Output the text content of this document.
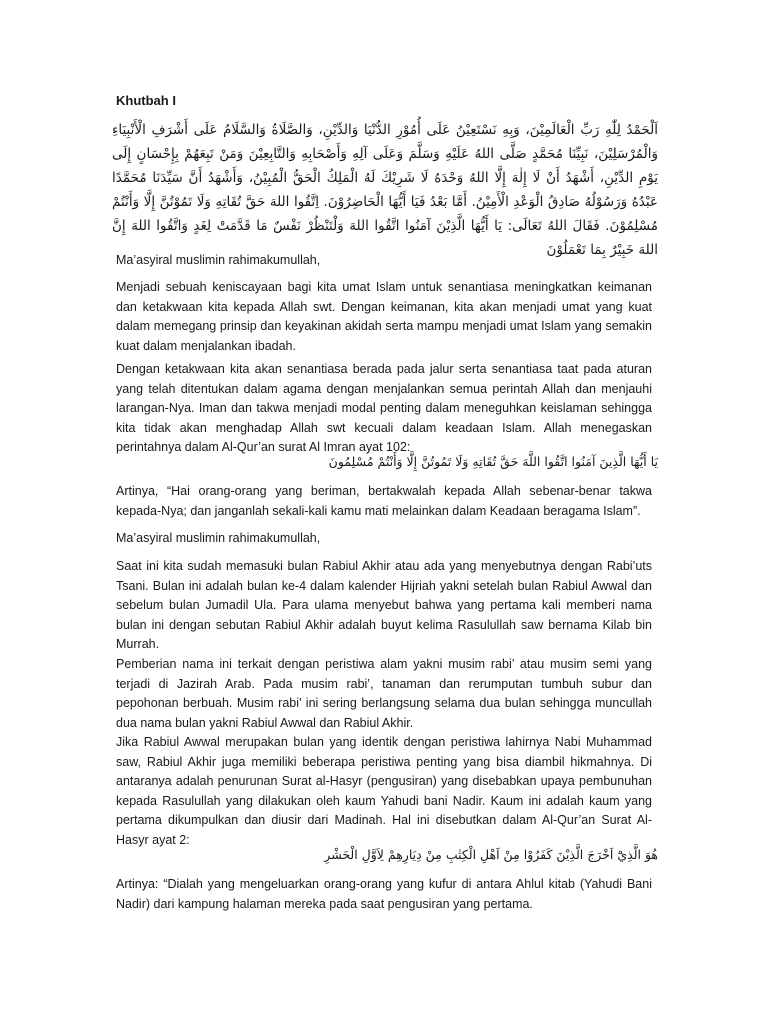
Khutbah I

اَلْحَمْدُ لِلّٰهِ رَبِّ الْعَالَمِيْنَ، وَبِهِ نَسْتَعِيْنُ عَلَى أُمُوْرِ الدُّنْيَا وَالدِّيْنِ، وَالصَّلَاةُ وَالسَّلَامُ عَلَى أَشْرَفِ الْأَنْبِيَاءِ وَالْمُرْسَلِيْنَ، نَبِيِّنَا مُحَمَّدٍ صَلَّى اللهُ عَلَيْهِ وَسَلَّمَ وَعَلَى آلِهِ وَأَصْحَابِهِ وَالتَّابِعِيْنَ وَمَنْ تَبِعَهُمْ بِإِحْسَانٍ إِلَى يَوْمِ الدِّيْنِ، أَشْهَدُ أَنْ لَا إِلٰهَ إِلَّا اللهُ وَحْدَهُ لَا شَرِيْكَ لَهُ الْمَلِكُ الْحَقُّ الْمُبِيْنُ، وَأَشْهَدُ أَنَّ سَيِّدَنَا مُحَمَّدًا عَبْدُهُ وَرَسُوْلُهُ صَادِقُ الْوَعْدِ الْأَمِيْنُ. أَمَّا بَعْدُ فَيَا أَيُّهَا الْحَاضِرُوْنَ. اِتَّقُوا اللهَ حَقَّ تُقَاتِهِ وَلَا تَمُوْتُنَّ إِلَّا وَأَنْتُمْ مُسْلِمُوْنَ. فَقَالَ اللهُ تَعَالَى: يَا أَيُّهَا الَّذِيْنَ آمَنُوا اتَّقُوا اللهَ وَلْتَنْظُرْ نَفْسٌ مَا قَدَّمَتْ لِغَدٍ وَاتَّقُوا اللهَ إِنَّ اللهَ خَبِيْرٌ بِمَا تَعْمَلُوْنَ

Ma’asyiral muslimin rahimakumullah,

Menjadi sebuah keniscayaan bagi kita umat Islam untuk senantiasa meningkatkan keimanan dan ketakwaan kita kepada Allah swt. Dengan keimanan, kita akan menjadi umat yang kuat dalam memegang prinsip dan keyakinan akidah serta mampu menjadi umat Islam yang semakin kuat dalam menjalankan ibadah.

Dengan ketakwaan kita akan senantiasa berada pada jalur serta senantiasa taat pada aturan yang telah ditentukan dalam agama dengan menjalankan semua perintah Allah dan menjauhi larangan-Nya. Iman dan takwa menjadi modal penting dalam meneguhkan keislaman sehingga kita tidak akan menghadap Allah swt kecuali dalam keadaan Islam. Allah menegaskan perintahnya dalam Al-Qur’an surat Al Imran ayat 102:

يَا أَيُّهَا الَّذِينَ آمَنُوا اتَّقُوا اللَّهَ حَقَّ تُقَاتِهِ وَلَا تَمُوتُنَّ إِلَّا وَأَنْتُمْ مُسْلِمُونَ

Artinya, “Hai orang-orang yang beriman, bertakwalah kepada Allah sebenar-benar takwa kepada-Nya; dan janganlah sekali-kali kamu mati melainkan dalam Keadaan beragama Islam”.

Ma’asyiral muslimin rahimakumullah,

Saat ini kita sudah memasuki bulan Rabiul Akhir atau ada yang menyebutnya dengan Rabi’uts Tsani. Bulan ini adalah bulan ke-4 dalam kalender Hijriah yakni setelah bulan Rabiul Awwal dan sebelum bulan Jumadil Ula. Para ulama menyebut bahwa yang pertama kali memberi nama bulan ini dengan sebutan Rabiul Akhir adalah buyut kelima Rasulullah saw bernama Kilab bin Murrah.

Pemberian nama ini terkait dengan peristiwa alam yakni musim rabi’ atau musim semi yang terjadi di Jazirah Arab. Pada musim rabi’, tanaman dan rerumputan tumbuh subur dan pepohonan berbuah. Musim rabi’ ini sering berlangsung selama dua bulan sehingga muncullah dua nama bulan yakni Rabiul Awwal dan Rabiul Akhir.

Jika Rabiul Awwal merupakan bulan yang identik dengan peristiwa lahirnya Nabi Muhammad saw, Rabiul Akhir juga memiliki beberapa peristiwa penting yang bisa diambil hikmahnya. Di antaranya adalah penurunan Surat al-Hasyr (pengusiran) yang disebabkan upaya pembunuhan kepada Rasulullah yang dilakukan oleh kaum Yahudi bani Nadir. Kaum ini adalah kaum yang pertama dikumpulkan dan diusir dari Madinah. Hal ini disebutkan dalam Al-Qur’an Surat Al-Hasyr ayat 2:

هُوَ الَّذِيْٓ اَخْرَجَ الَّذِيْنَ كَفَرُوْا مِنْ اَهْلِ الْكِتٰبِ مِنْ دِيَارِهِمْ لِاَوَّلِ الْحَشْرِ

Artinya: “Dialah yang mengeluarkan orang-orang yang kufur di antara Ahlul kitab (Yahudi Bani Nadir) dari kampung halaman mereka pada saat pengusiran yang pertama.
